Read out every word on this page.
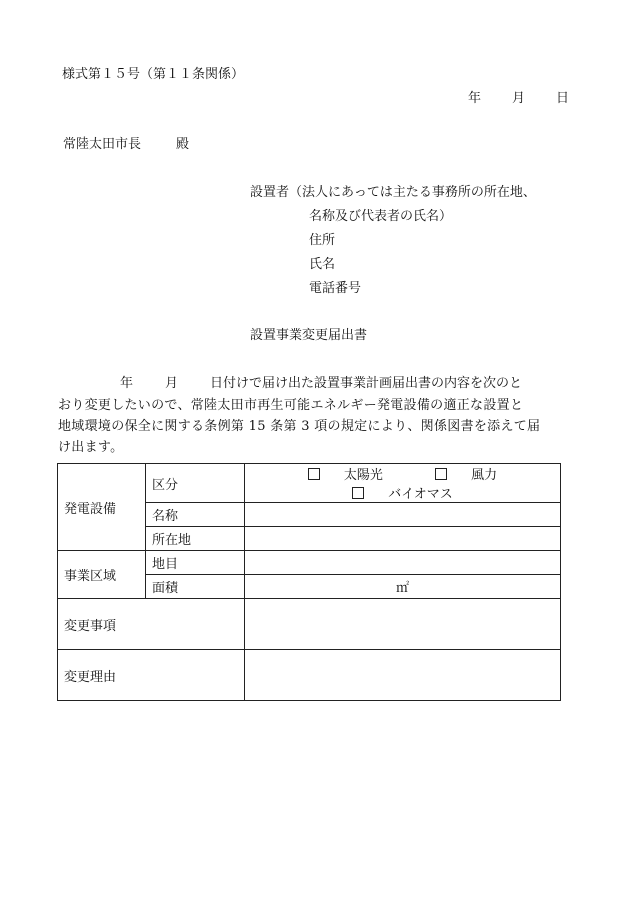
様式第１５号（第１１条関係）
年 月 日
常陸太田市長	殿
設置者（法人にあっては主たる事務所の所在地、
名称及び代表者の氏名）
住所
氏名
電話番号
設置事業変更届出書
年 月 日付けで届け出た設置事業計画届出書の内容を次のと
おり変更したいので、常陸太田市再生可能エネルギー発電設備の適正な設置と
地域環境の保全に関する条例第 15 条第 3 項の規定により、関係図書を添えて届
け出ます。
発電設備	区分	太陽光 風力 バイオマス
	名称	
	所在地	
事業区域	地目	
	面積	㎡
変更事項		
変更理由		
